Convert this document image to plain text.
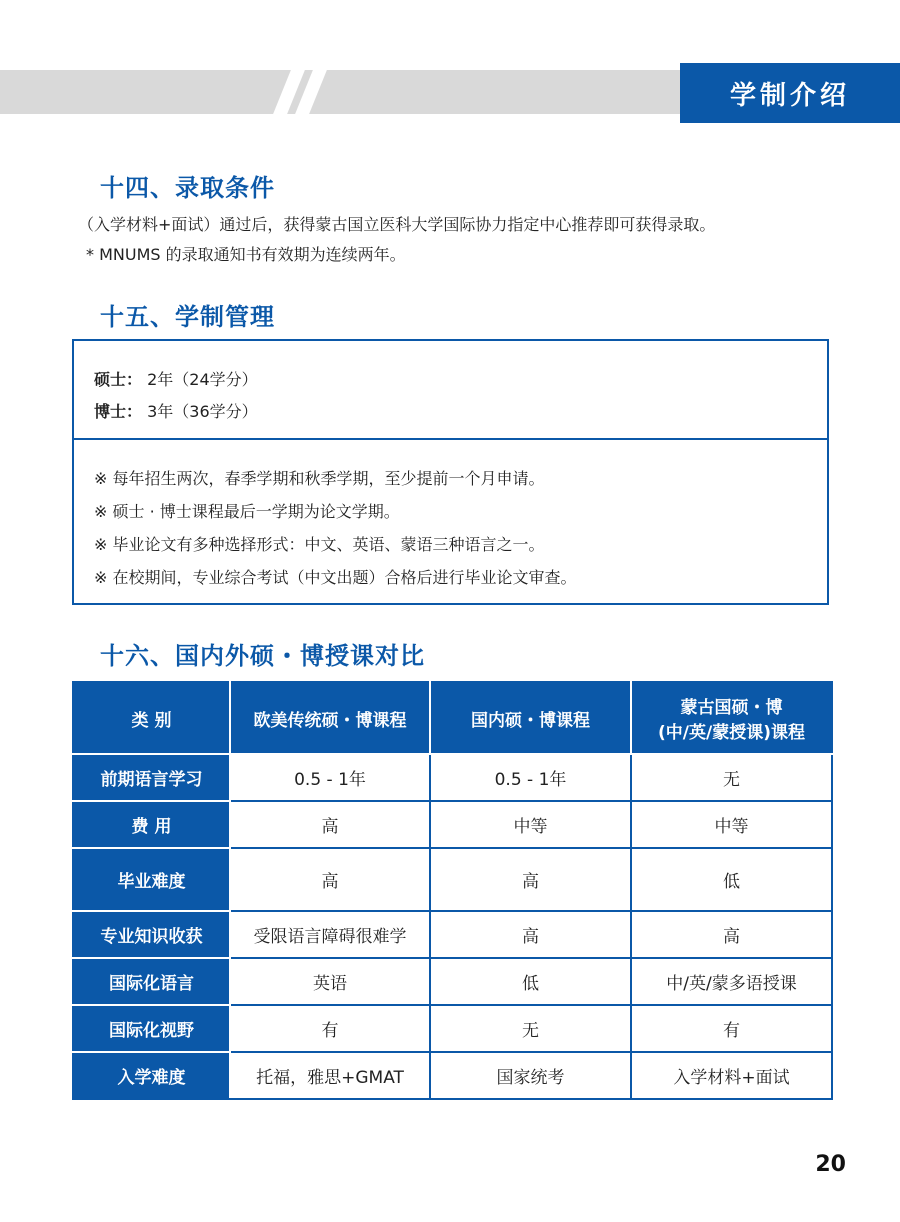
学制介绍
十四、录取条件
（入学材料+面试）通过后，获得蒙古国立医科大学国际协力指定中心推荐即可获得录取。
* MNUMS 的录取通知书有效期为连续两年。
十五、学制管理
硕士： 2年（24学分）
博士： 3年（36学分）
※ 每年招生两次，春季学期和秋季学期，至少提前一个月申请。
※ 硕士 · 博士课程最后一学期为论文学期。
※ 毕业论文有多种选择形式：中文、英语、蒙语三种语言之一。
※ 在校期间，专业综合考试（中文出题）合格后进行毕业论文审查。
十六、国内外硕・博授课对比
类 别	欧美传统硕・博课程	国内硕・博课程	蒙古国硕・博
(中/英/蒙授课)课程
前期语言学习	0.5 - 1年	0.5 - 1年	无
费 用	高	中等	中等
毕业难度	高	高	低
专业知识收获	受限语言障碍很难学	高	高
国际化语言	英语	低	中/英/蒙多语授课
国际化视野	有	无	有
入学难度	托福，雅思+GMAT	国家统考	入学材料+面试
20
